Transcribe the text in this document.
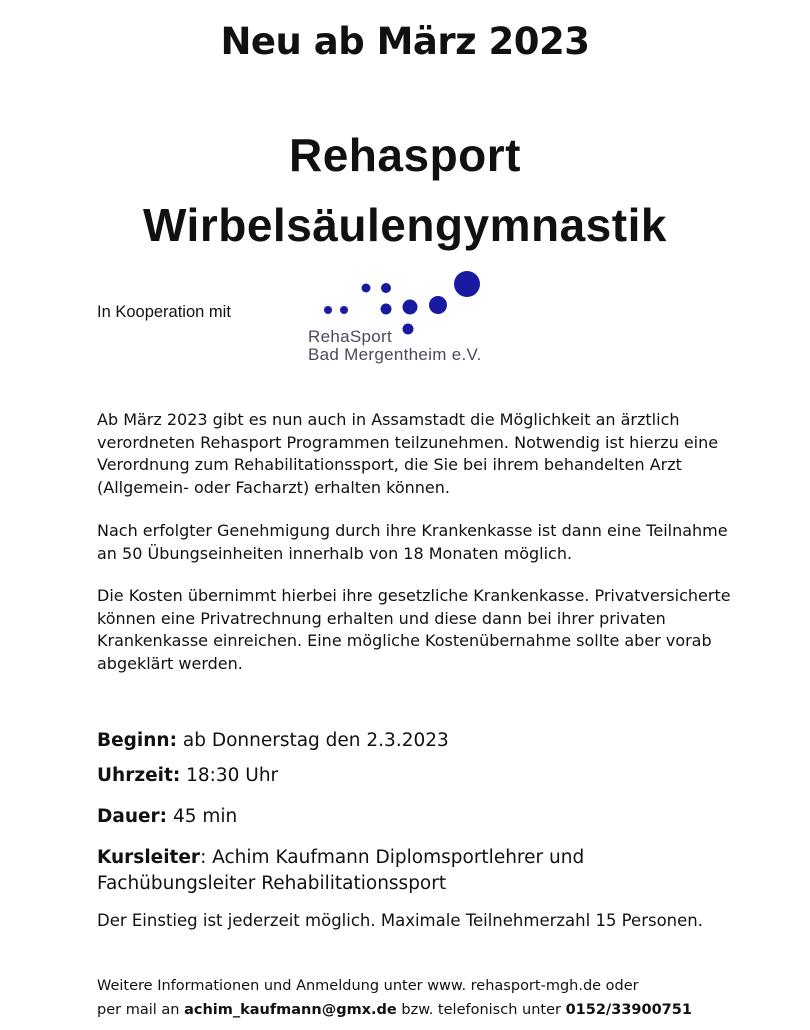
Neu ab März 2023
Rehasport
Wirbelsäulengymnastik
In Kooperation mit
RehaSport
Bad Mergentheim e.V.

Ab März 2023 gibt es nun auch in Assamstadt die Möglichkeit an ärztlich verordneten Rehasport Programmen teilzunehmen. Notwendig ist hierzu eine Verordnung zum Rehabilitationssport, die Sie bei ihrem behandelten Arzt (Allgemein- oder Facharzt) erhalten können.

Nach erfolgter Genehmigung durch ihre Krankenkasse ist dann eine Teilnahme an 50 Übungseinheiten innerhalb von 18 Monaten möglich.

Die Kosten übernimmt hierbei ihre gesetzliche Krankenkasse. Privatversicherte können eine Privatrechnung erhalten und diese dann bei ihrer privaten Krankenkasse einreichen. Eine mögliche Kostenübernahme sollte aber vorab abgeklärt werden.

Beginn: ab Donnerstag den 2.3.2023
Uhrzeit: 18:30 Uhr
Dauer: 45 min
Kursleiter: Achim Kaufmann Diplomsportlehrer und
Fachübungsleiter Rehabilitationssport
Der Einstieg ist jederzeit möglich. Maximale Teilnehmerzahl 15 Personen.
Weitere Informationen und Anmeldung unter www. rehasport-mgh.de oder
per mail an achim_kaufmann@gmx.de bzw. telefonisch unter 0152/33900751
